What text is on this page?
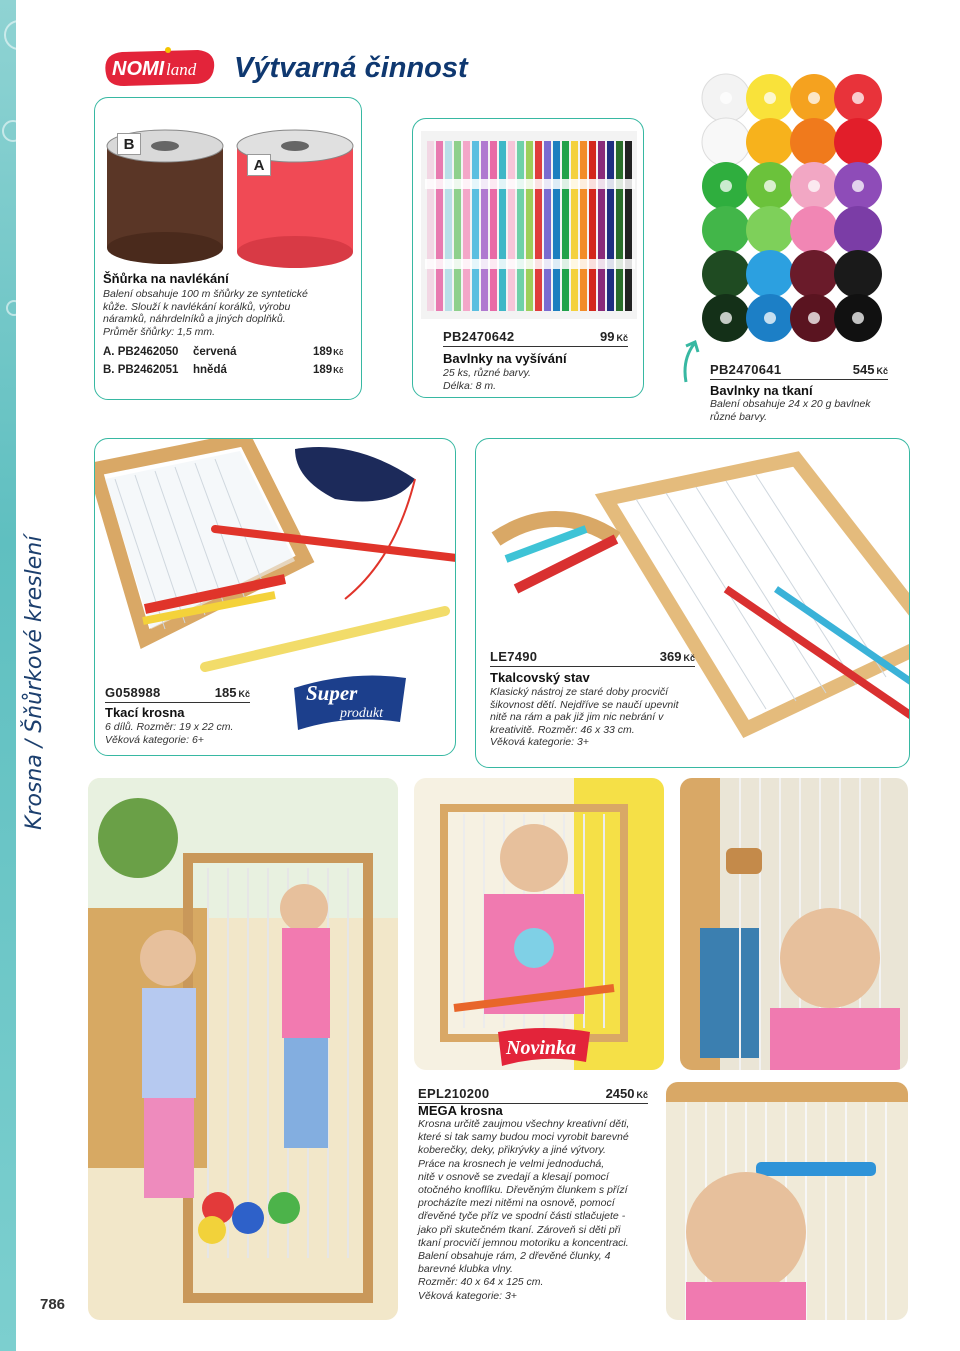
Krosna / Šňůrkové kreslení
786
NOMI land Výtvarná činnost
B
A
Šňůrka na navlékání
Balení obsahuje 100 m šňůrky ze syntetické
kůže. Slouží k navlékání korálků, výrobu
náramků, náhrdelníků a jiných doplňků.
Průměr šňůrky: 1,5 mm.
A. PB2462050	červená	189Kč
B. PB2462051	hnědá	189Kč
PB2470642	99 Kč
Bavlnky na vyšívání
25 ks, různé barvy.
Délka: 8 m.
PB2470641	545 Kč
Bavlnky na tkaní
Balení obsahuje 24 x 20 g bavlnek
různé barvy.
G058988	185 Kč
Tkací krosna
6 dílů. Rozměr: 19 x 22 cm.
Věková kategorie: 6+
Super
produkt
LE7490	369 Kč
Tkalcovský stav
Klasický nástroj ze staré doby procvičí
šikovnost dětí. Nejdříve se naučí upevnit
nitě na rám a pak již jim nic nebrání v
kreativitě. Rozměr: 46 x 33 cm.
Věková kategorie: 3+
Novinka
EPL210200	2450 Kč
MEGA krosna
Krosna určitě zaujmou všechny kreativní děti,
které si tak samy budou moci vyrobit barevné
koberečky, deky, přikrývky a jiné výtvory.
Práce na krosnech je velmi jednoduchá,
nitě v osnově se zvedají a klesají pomocí
otočného knoflíku. Dřevěným člunkem s přízí
procházíte mezi nitěmi na osnově, pomocí
dřevěné tyče příz ve spodní části stlačujete -
jako při skutečném tkaní. Zároveň si děti při
tkaní procvičí jemnou motoriku a koncentraci.
Balení obsahuje rám, 2 dřevěné člunky, 4
barevné klubka vlny.
Rozměr: 40 x 64 x 125 cm.
Věková kategorie: 3+
